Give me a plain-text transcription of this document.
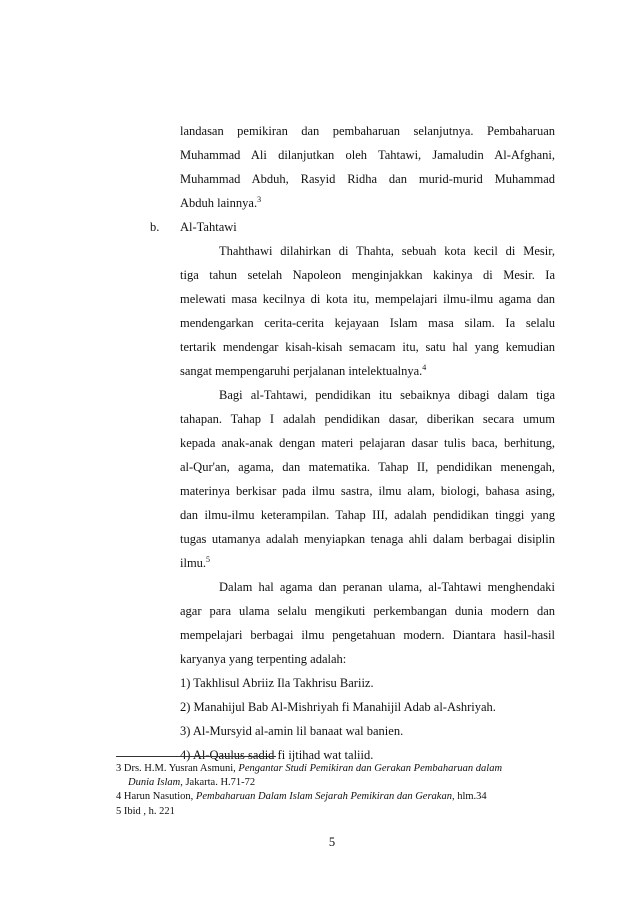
landasan pemikiran dan pembaharuan selanjutnya. Pembaharuan

Muhammad Ali dilanjutkan oleh Tahtawi, Jamaludin Al-Afghani,

Muhammad Abduh, Rasyid Ridha dan murid-murid Muhammad

Abduh lainnya.$^3$

b. Al-Tahtawi

Thahthawi dilahirkan di Thahta, sebuah kota kecil di Mesir,

tiga tahun setelah Napoleon menginjakkan kakinya di Mesir. Ia

melewati masa kecilnya di kota itu, mempelajari ilmu-ilmu agama dan

mendengarkan cerita-cerita kejayaan Islam masa silam. Ia selalu

tertarik mendengar kisah-kisah semacam itu, satu hal yang kemudian

sangat mempengaruhi perjalanan intelektualnya.$^4$

Bagi al-Tahtawi, pendidikan itu sebaiknya dibagi dalam tiga

tahapan. Tahap I adalah pendidikan dasar, diberikan secara umum

kepada anak-anak dengan materi pelajaran dasar tulis baca, berhitung,

al-Qur'an, agama, dan matematika. Tahap II, pendidikan menengah,

materinya berkisar pada ilmu sastra, ilmu alam, biologi, bahasa asing,

dan ilmu-ilmu keterampilan. Tahap III, adalah pendidikan tinggi yang

tugas utamanya adalah menyiapkan tenaga ahli dalam berbagai disiplin

ilmu.$^5$

Dalam hal agama dan peranan ulama, al-Tahtawi menghendaki

agar para ulama selalu mengikuti perkembangan dunia modern dan

mempelajari berbagai ilmu pengetahuan modern. Diantara hasil-hasil

karyanya yang terpenting adalah:

1) Takhlisul Abriiz Ila Takhrisu Bariiz.

2) Manahijul Bab Al-Mishriyah fi Manahijil Adab al-Ashriyah.

3) Al-Mursyid al-amin lil banaat wal banien.

4) Al-Qaulus sadid fi ijtihad wat taliid.

3 Drs. H.M. Yusran Asmuni, Pengantar Studi Pemikiran dan Gerakan Pembaharuan dalam
Dunia Islam, Jakarta. H.71-72
4 Harun Nasution, Pembaharuan Dalam Islam Sejarah Pemikiran dan Gerakan, hlm.34
5 Ibid , h. 221
5
